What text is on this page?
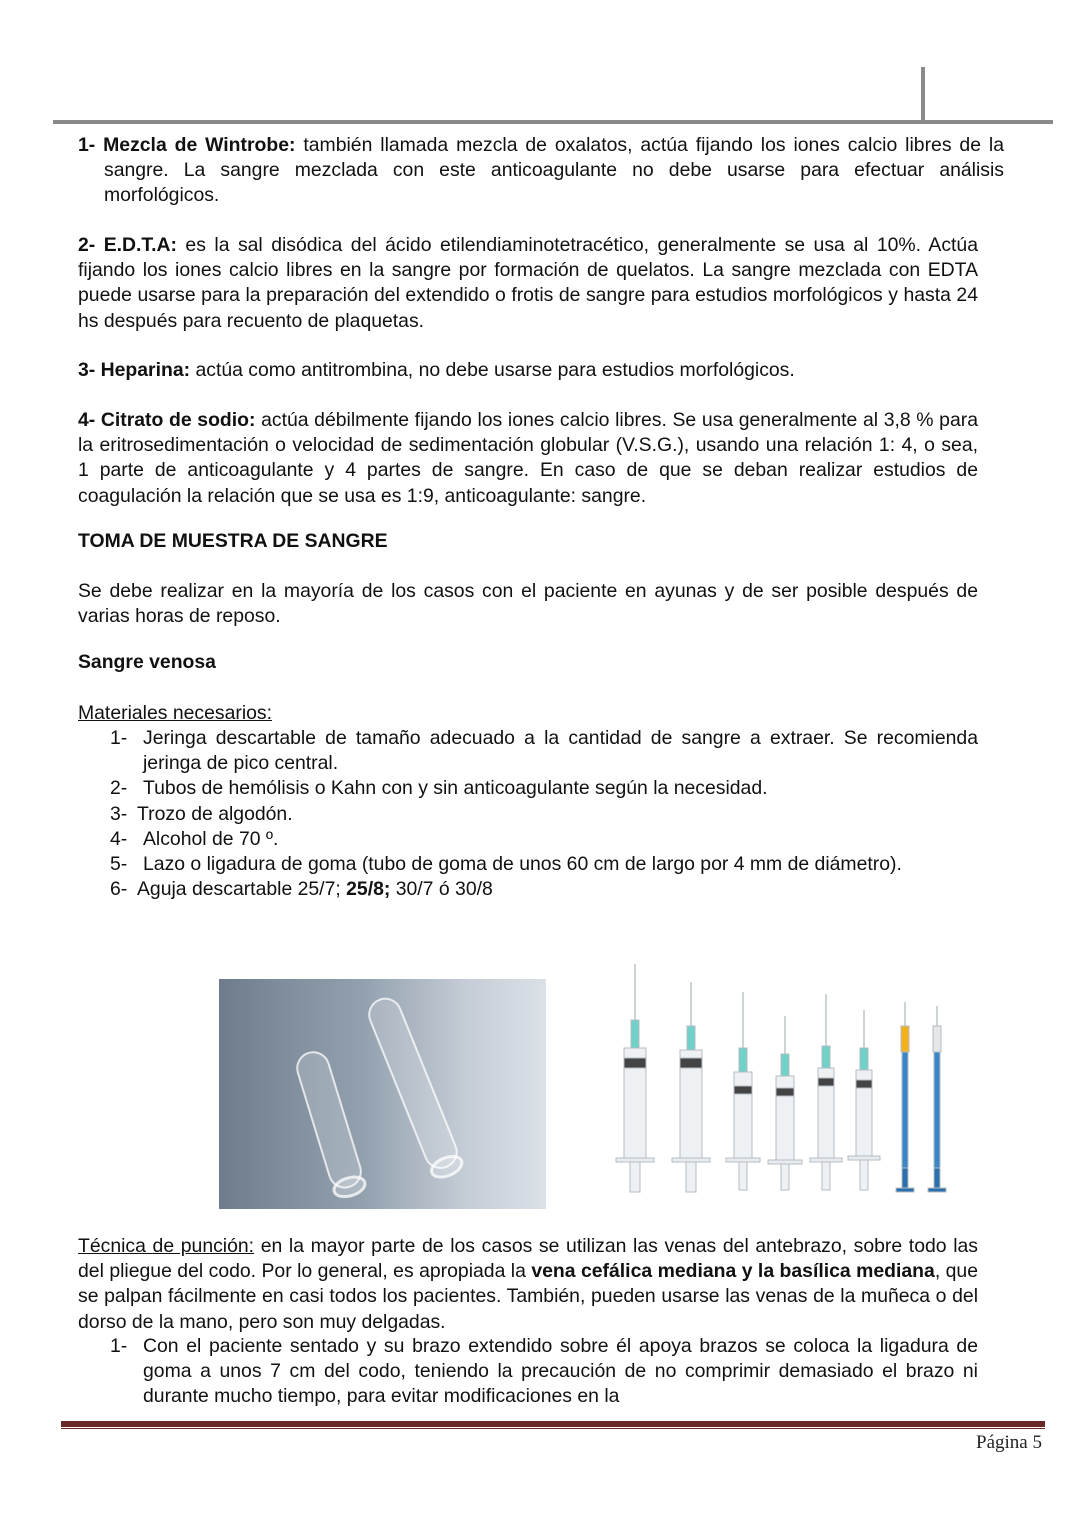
1- Mezcla de Wintrobe: también llamada mezcla de oxalatos, actúa fijando los iones calcio libres de la sangre. La sangre mezclada con este anticoagulante no debe usarse para efectuar análisis morfológicos.

2- E.D.T.A: es la sal disódica del ácido etilendiaminotetracético, generalmente se usa al 10%. Actúa fijando los iones calcio libres en la sangre por formación de quelatos. La sangre mezclada con EDTA puede usarse para la preparación del extendido o frotis de sangre para estudios morfológicos y hasta 24 hs después para recuento de plaquetas.

3- Heparina: actúa como antitrombina, no debe usarse para estudios morfológicos.

4- Citrato de sodio: actúa débilmente fijando los iones calcio libres. Se usa generalmente al 3,8 % para la eritrosedimentación o velocidad de sedimentación globular (V.S.G.), usando una relación 1: 4, o sea, 1 parte de anticoagulante y 4 partes de sangre. En caso de que se deban realizar estudios de coagulación la relación que se usa es 1:9, anticoagulante: sangre.

TOMA DE MUESTRA DE SANGRE

Se debe realizar en la mayoría de los casos con el paciente en ayunas y de ser posible después de varias horas de reposo.

Sangre venosa

Materiales necesarios:

1- Jeringa descartable de tamaño adecuado a la cantidad de sangre a extraer. Se recomienda jeringa de pico central.
2- Tubos de hemólisis o Kahn con y sin anticoagulante según la necesidad.
3- Trozo de algodón.
4- Alcohol de 70 º.
5- Lazo o ligadura de goma (tubo de goma de unos 60 cm de largo por 4 mm de diámetro).
6- Aguja descartable 25/7; 25/8; 30/7 ó 30/8

Técnica de punción: en la mayor parte de los casos se utilizan las venas del antebrazo, sobre todo las del pliegue del codo. Por lo general, es apropiada la vena cefálica mediana y la basílica mediana, que se palpan fácilmente en casi todos los pacientes. También, pueden usarse las venas de la muñeca o del dorso de la mano, pero son muy delgadas.

1- Con el paciente sentado y su brazo extendido sobre él apoya brazos se coloca la ligadura de goma a unos 7 cm del codo, teniendo la precaución de no comprimir demasiado el brazo ni durante mucho tiempo, para evitar modificaciones en la
Página 5
